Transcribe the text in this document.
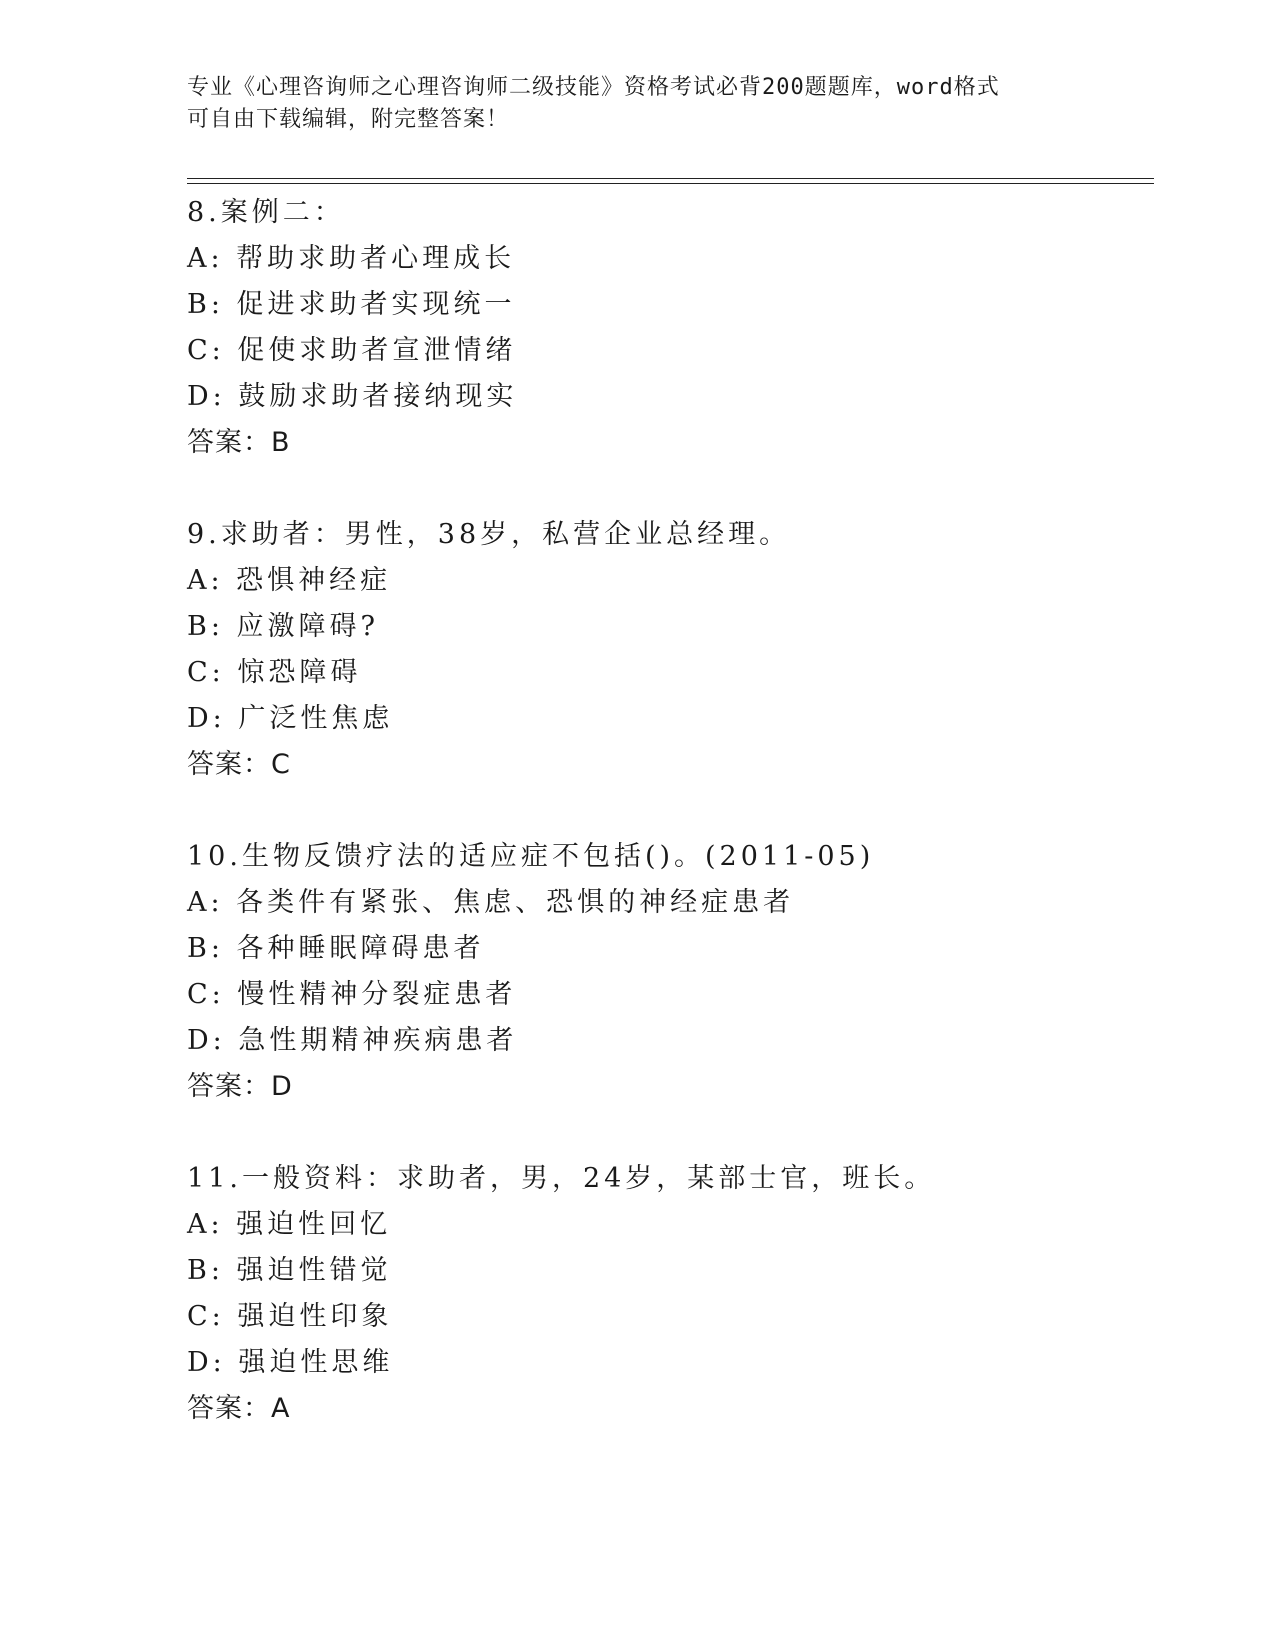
专业《心理咨询师之心理咨询师二级技能》资格考试必背200题题库，word格式
可自由下载编辑，附完整答案！
8.案例二：
A: 帮助求助者心理成长
B: 促进求助者实现统一
C: 促使求助者宣泄情绪
D: 鼓励求助者接纳现实
答案：B
9.求助者：男性，38岁，私营企业总经理。
A: 恐惧神经症
B: 应激障碍?
C: 惊恐障碍
D: 广泛性焦虑
答案：C
10.生物反馈疗法的适应症不包括()。(2011-05)
A: 各类件有紧张、焦虑、恐惧的神经症患者
B: 各种睡眠障碍患者
C: 慢性精神分裂症患者
D: 急性期精神疾病患者
答案：D
11.一般资料：求助者，男，24岁，某部士官，班长。
A: 强迫性回忆
B: 强迫性错觉
C: 强迫性印象
D: 强迫性思维
答案：A
